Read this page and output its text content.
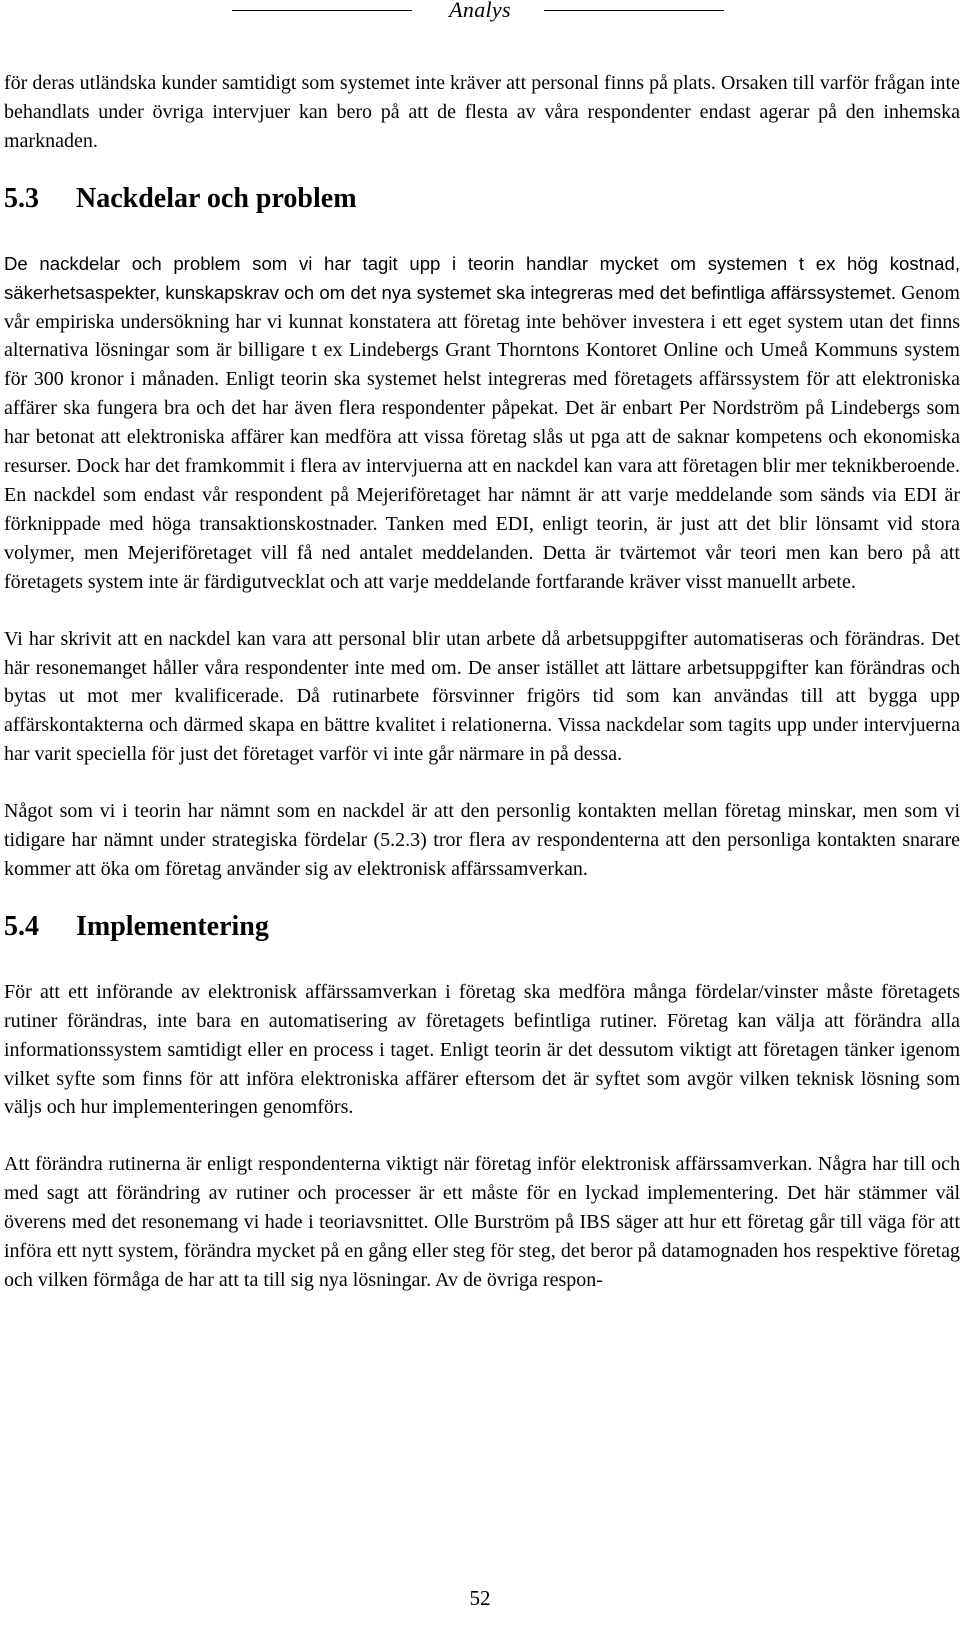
Analys

för deras utländska kunder samtidigt som systemet inte kräver att personal finns på plats. Orsaken till varför frågan inte behandlats under övriga intervjuer kan bero på att de flesta av våra respondenter endast agerar på den inhemska marknaden.

5.3 Nackdelar och problem

De nackdelar och problem som vi har tagit upp i teorin handlar mycket om systemen t ex hög kostnad, säkerhetsaspekter, kunskapskrav och om det nya systemet ska integreras med det befintliga affärssystemet. Genom vår empiriska undersökning har vi kunnat konstatera att företag inte behöver investera i ett eget system utan det finns alternativa lösningar som är billigare t ex Lindebergs Grant Thorntons Kontoret Online och Umeå Kommuns system för 300 kronor i månaden. Enligt teorin ska systemet helst integreras med företagets affärssystem för att elektroniska affärer ska fungera bra och det har även flera respondenter påpekat. Det är enbart Per Nordström på Lindebergs som har betonat att elektroniska affärer kan medföra att vissa företag slås ut pga att de saknar kompetens och ekonomiska resurser. Dock har det framkommit i flera av intervjuerna att en nackdel kan vara att företagen blir mer teknikberoende. En nackdel som endast vår respondent på Mejeriföretaget har nämnt är att varje meddelande som sänds via EDI är förknippade med höga transaktionskostnader. Tanken med EDI, enligt teorin, är just att det blir lönsamt vid stora volymer, men Mejeriföretaget vill få ned antalet meddelanden. Detta är tvärtemot vår teori men kan bero på att företagets system inte är färdigutvecklat och att varje meddelande fortfarande kräver visst manuellt arbete.

Vi har skrivit att en nackdel kan vara att personal blir utan arbete då arbetsuppgifter automatiseras och förändras. Det här resonemanget håller våra respondenter inte med om. De anser istället att lättare arbetsuppgifter kan förändras och bytas ut mot mer kvalificerade. Då rutinarbete försvinner frigörs tid som kan användas till att bygga upp affärskontakterna och därmed skapa en bättre kvalitet i relationerna. Vissa nackdelar som tagits upp under intervjuerna har varit speciella för just det företaget varför vi inte går närmare in på dessa.

Något som vi i teorin har nämnt som en nackdel är att den personlig kontakten mellan företag minskar, men som vi tidigare har nämnt under strategiska fördelar (5.2.3) tror flera av respondenterna att den personliga kontakten snarare kommer att öka om företag använder sig av elektronisk affärssamverkan.

5.4 Implementering

För att ett införande av elektronisk affärssamverkan i företag ska medföra många fördelar/vinster måste företagets rutiner förändras, inte bara en automatisering av företagets befintliga rutiner. Företag kan välja att förändra alla informationssystem samtidigt eller en process i taget. Enligt teorin är det dessutom viktigt att företagen tänker igenom vilket syfte som finns för att införa elektroniska affärer eftersom det är syftet som avgör vilken teknisk lösning som väljs och hur implementeringen genomförs.

Att förändra rutinerna är enligt respondenterna viktigt när företag inför elektronisk affärssamverkan. Några har till och med sagt att förändring av rutiner och processer är ett måste för en lyckad implementering. Det här stämmer väl överens med det resonemang vi hade i teoriavsnittet. Olle Burström på IBS säger att hur ett företag går till väga för att införa ett nytt system, förändra mycket på en gång eller steg för steg, det beror på datamognaden hos respektive företag och vilken förmåga de har att ta till sig nya lösningar. Av de övriga respon-

52
